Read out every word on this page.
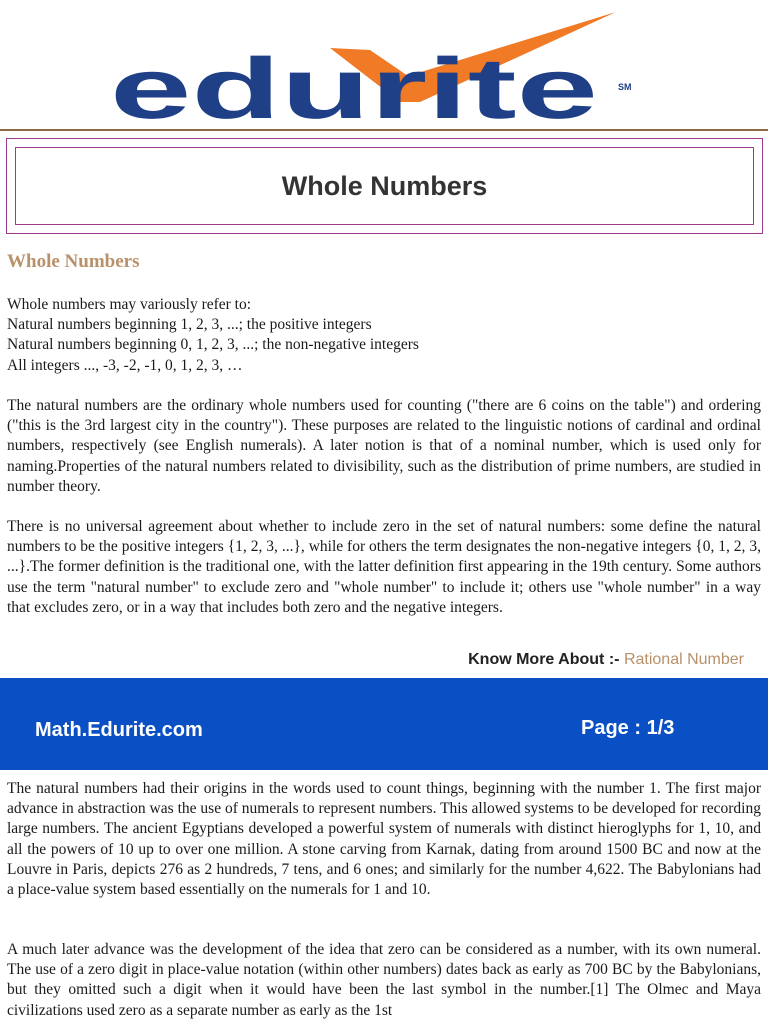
edurite SM
Whole Numbers
Whole Numbers
Whole numbers may variously refer to:
Natural numbers beginning 1, 2, 3, ...; the positive integers
Natural numbers beginning 0, 1, 2, 3, ...; the non-negative integers
All integers ..., -3, -2, -1, 0, 1, 2, 3, …

The natural numbers are the ordinary whole numbers used for counting ("there are 6 coins on the table") and ordering ("this is the 3rd largest city in the country"). These purposes are related to the linguistic notions of cardinal and ordinal numbers, respectively (see English numerals). A later notion is that of a nominal number, which is used only for naming.Properties of the natural numbers related to divisibility, such as the distribution of prime numbers, are studied in number theory.

There is no universal agreement about whether to include zero in the set of natural numbers: some define the natural numbers to be the positive integers {1, 2, 3, ...}, while for others the term designates the non-negative integers {0, 1, 2, 3, ...}.The former definition is the traditional one, with the latter definition first appearing in the 19th century. Some authors use the term "natural number" to exclude zero and "whole number" to include it; others use "whole number" in a way that excludes zero, or in a way that includes both zero and the negative integers.

Know More About :- Rational Number
Math.Edurite.com	Page : 1/3

The natural numbers had their origins in the words used to count things, beginning with the number 1. The first major advance in abstraction was the use of numerals to represent numbers. This allowed systems to be developed for recording large numbers. The ancient Egyptians developed a powerful system of numerals with distinct hieroglyphs for 1, 10, and all the powers of 10 up to over one million. A stone carving from Karnak, dating from around 1500 BC and now at the Louvre in Paris, depicts 276 as 2 hundreds, 7 tens, and 6 ones; and similarly for the number 4,622. The Babylonians had a place-value system based essentially on the numerals for 1 and 10.

A much later advance was the development of the idea that zero can be considered as a number, with its own numeral. The use of a zero digit in place-value notation (within other numbers) dates back as early as 700 BC by the Babylonians, but they omitted such a digit when it would have been the last symbol in the number.[1] The Olmec and Maya civilizations used zero as a separate number as early as the 1st
